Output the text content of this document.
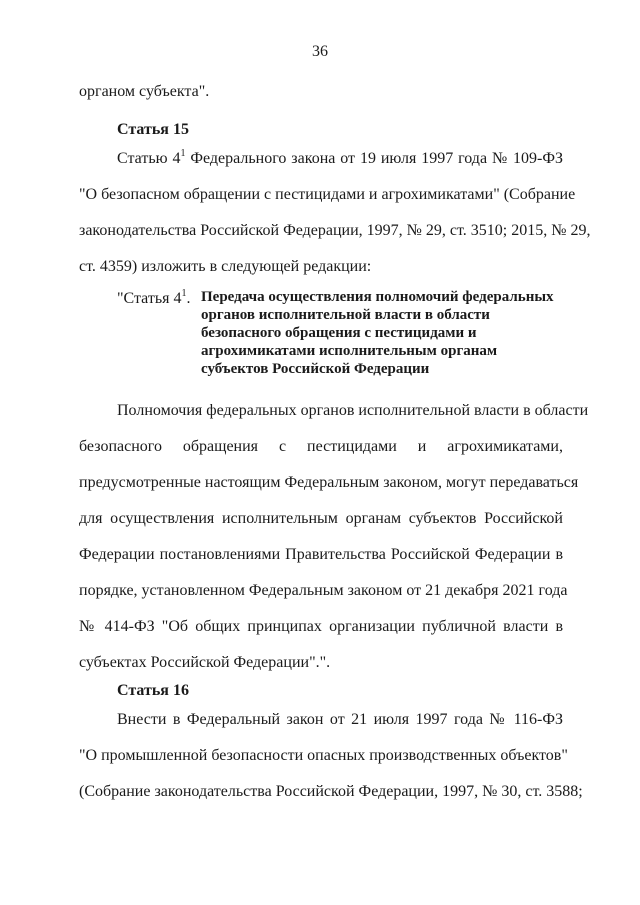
36
органом субъекта".
Статья 15
Статью $4^1$ Федерального закона от 19 июля 1997 года № 109-ФЗ
"О безопасном обращении с пестицидами и агрохимикатами" (Собрание
законодательства Российской Федерации, 1997, № 29, ст. 3510; 2015, № 29,
ст. 4359) изложить в следующей редакции:
"Статья $4^1$. Передача осуществления полномочий федеральных
органов исполнительной власти в области
безопасного обращения с пестицидами и
агрохимикатами исполнительным органам
субъектов Российской Федерации
Полномочия федеральных органов исполнительной власти в области
безопасного обращения с пестицидами и агрохимикатами,
предусмотренные настоящим Федеральным законом, могут передаваться
для осуществления исполнительным органам субъектов Российской
Федерации постановлениями Правительства Российской Федерации в
порядке, установленном Федеральным законом от 21 декабря 2021 года
№ 414-ФЗ "Об общих принципах организации публичной власти в
субъектах Российской Федерации".".
Статья 16
Внести в Федеральный закон от 21 июля 1997 года № 116-ФЗ
"О промышленной безопасности опасных производственных объектов"
(Собрание законодательства Российской Федерации, 1997, № 30, ст. 3588;
